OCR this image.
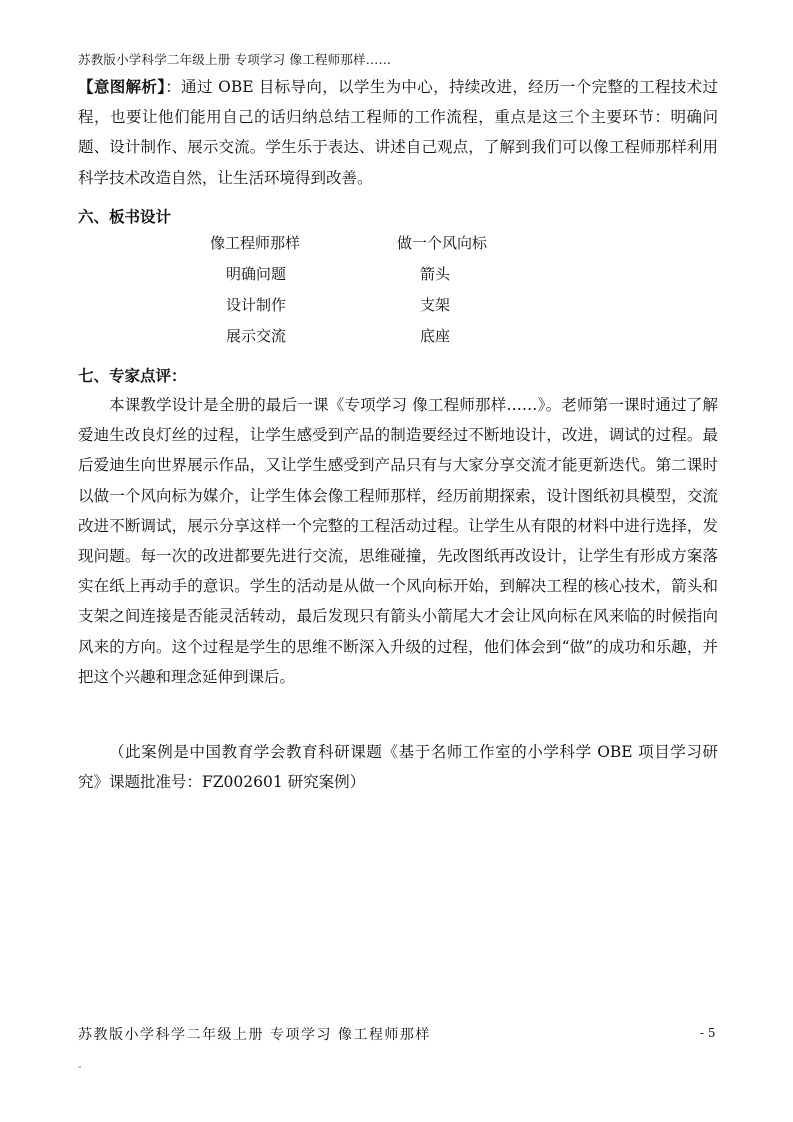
苏教版小学科学二年级上册 专项学习 像工程师那样……
【意图解析】：通过 OBE 目标导向，以学生为中心，持续改进，经历一个完整的工程技术过程，也要让他们能用自己的话归纳总结工程师的工作流程，重点是这三个主要环节：明确问题、设计制作、展示交流。学生乐于表达、讲述自己观点，了解到我们可以像工程师那样利用科学技术改造自然，让生活环境得到改善。
六、板书设计
像工程师那样	做一个风向标
明确问题	箭头
设计制作	支架
展示交流	底座
七、专家点评：
本课教学设计是全册的最后一课《专项学习 像工程师那样……》。老师第一课时通过了解爱迪生改良灯丝的过程，让学生感受到产品的制造要经过不断地设计，改进，调试的过程。最后爱迪生向世界展示作品，又让学生感受到产品只有与大家分享交流才能更新迭代。第二课时以做一个风向标为媒介，让学生体会像工程师那样，经历前期探索，设计图纸初具模型，交流改进不断调试，展示分享这样一个完整的工程活动过程。让学生从有限的材料中进行选择，发现问题。每一次的改进都要先进行交流，思维碰撞，先改图纸再改设计，让学生有形成方案落实在纸上再动手的意识。学生的活动是从做一个风向标开始，到解决工程的核心技术，箭头和支架之间连接是否能灵活转动，最后发现只有箭头小箭尾大才会让风向标在风来临的时候指向风来的方向。这个过程是学生的思维不断深入升级的过程，他们体会到“做”的成功和乐趣，并把这个兴趣和理念延伸到课后。
（此案例是中国教育学会教育科研课题《基于名师工作室的小学科学 OBE 项目学习研究》课题批准号：FZ002601 研究案例）
苏教版小学科学二年级上册 专项学习 像工程师那样	- 5
-
